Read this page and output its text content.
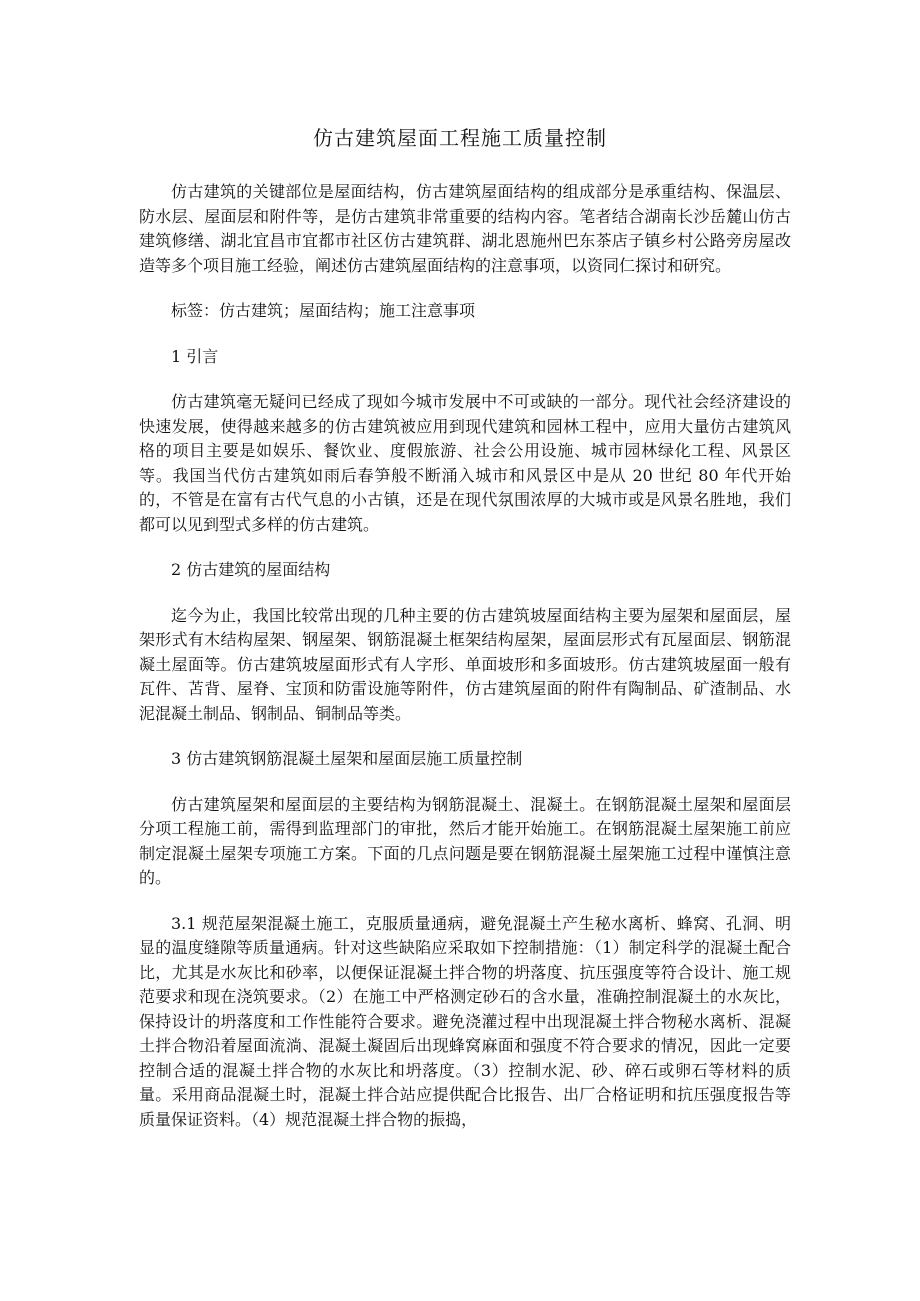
仿古建筑屋面工程施工质量控制

仿古建筑的关键部位是屋面结构，仿古建筑屋面结构的组成部分是承重结构、保温层、防水层、屋面层和附件等，是仿古建筑非常重要的结构内容。笔者结合湖南长沙岳麓山仿古建筑修缮、湖北宜昌市宜都市社区仿古建筑群、湖北恩施州巴东茶店子镇乡村公路旁房屋改造等多个项目施工经验，阐述仿古建筑屋面结构的注意事项，以资同仁探讨和研究。

标签：仿古建筑；屋面结构；施工注意事项

1 引言

仿古建筑毫无疑问已经成了现如今城市发展中不可或缺的一部分。现代社会经济建设的快速发展，使得越来越多的仿古建筑被应用到现代建筑和园林工程中，应用大量仿古建筑风格的项目主要是如娱乐、餐饮业、度假旅游、社会公用设施、城市园林绿化工程、风景区等。我国当代仿古建筑如雨后春笋般不断涌入城市和风景区中是从 20 世纪 80 年代开始的，不管是在富有古代气息的小古镇，还是在现代氛围浓厚的大城市或是风景名胜地，我们都可以见到型式多样的仿古建筑。

2 仿古建筑的屋面结构

迄今为止，我国比较常出现的几种主要的仿古建筑坡屋面结构主要为屋架和屋面层，屋架形式有木结构屋架、钢屋架、钢筋混凝土框架结构屋架，屋面层形式有瓦屋面层、钢筋混凝土屋面等。仿古建筑坡屋面形式有人字形、单面坡形和多面坡形。仿古建筑坡屋面一般有瓦件、苫背、屋脊、宝顶和防雷设施等附件，仿古建筑屋面的附件有陶制品、矿渣制品、水泥混凝土制品、钢制品、铜制品等类。

3 仿古建筑钢筋混凝土屋架和屋面层施工质量控制

仿古建筑屋架和屋面层的主要结构为钢筋混凝土、混凝土。在钢筋混凝土屋架和屋面层分项工程施工前，需得到监理部门的审批，然后才能开始施工。在钢筋混凝土屋架施工前应制定混凝土屋架专项施工方案。下面的几点问题是要在钢筋混凝土屋架施工过程中谨慎注意的。

3.1 规范屋架混凝土施工，克服质量通病，避免混凝土产生秘水离析、蜂窝、孔洞、明显的温度缝隙等质量通病。针对这些缺陷应采取如下控制措施：（1）制定科学的混凝土配合比，尤其是水灰比和砂率，以便保证混凝土拌合物的坍落度、抗压强度等符合设计、施工规范要求和现在浇筑要求。（2）在施工中严格测定砂石的含水量，准确控制混凝土的水灰比，保持设计的坍落度和工作性能符合要求。避免浇灌过程中出现混凝土拌合物秘水离析、混凝土拌合物沿着屋面流淌、混凝土凝固后出现蜂窝麻面和强度不符合要求的情况，因此一定要控制合适的混凝土拌合物的水灰比和坍落度。（3）控制水泥、砂、碎石或卵石等材料的质量。采用商品混凝土时，混凝土拌合站应提供配合比报告、出厂合格证明和抗压强度报告等质量保证资料。（4）规范混凝土拌合物的振捣，
